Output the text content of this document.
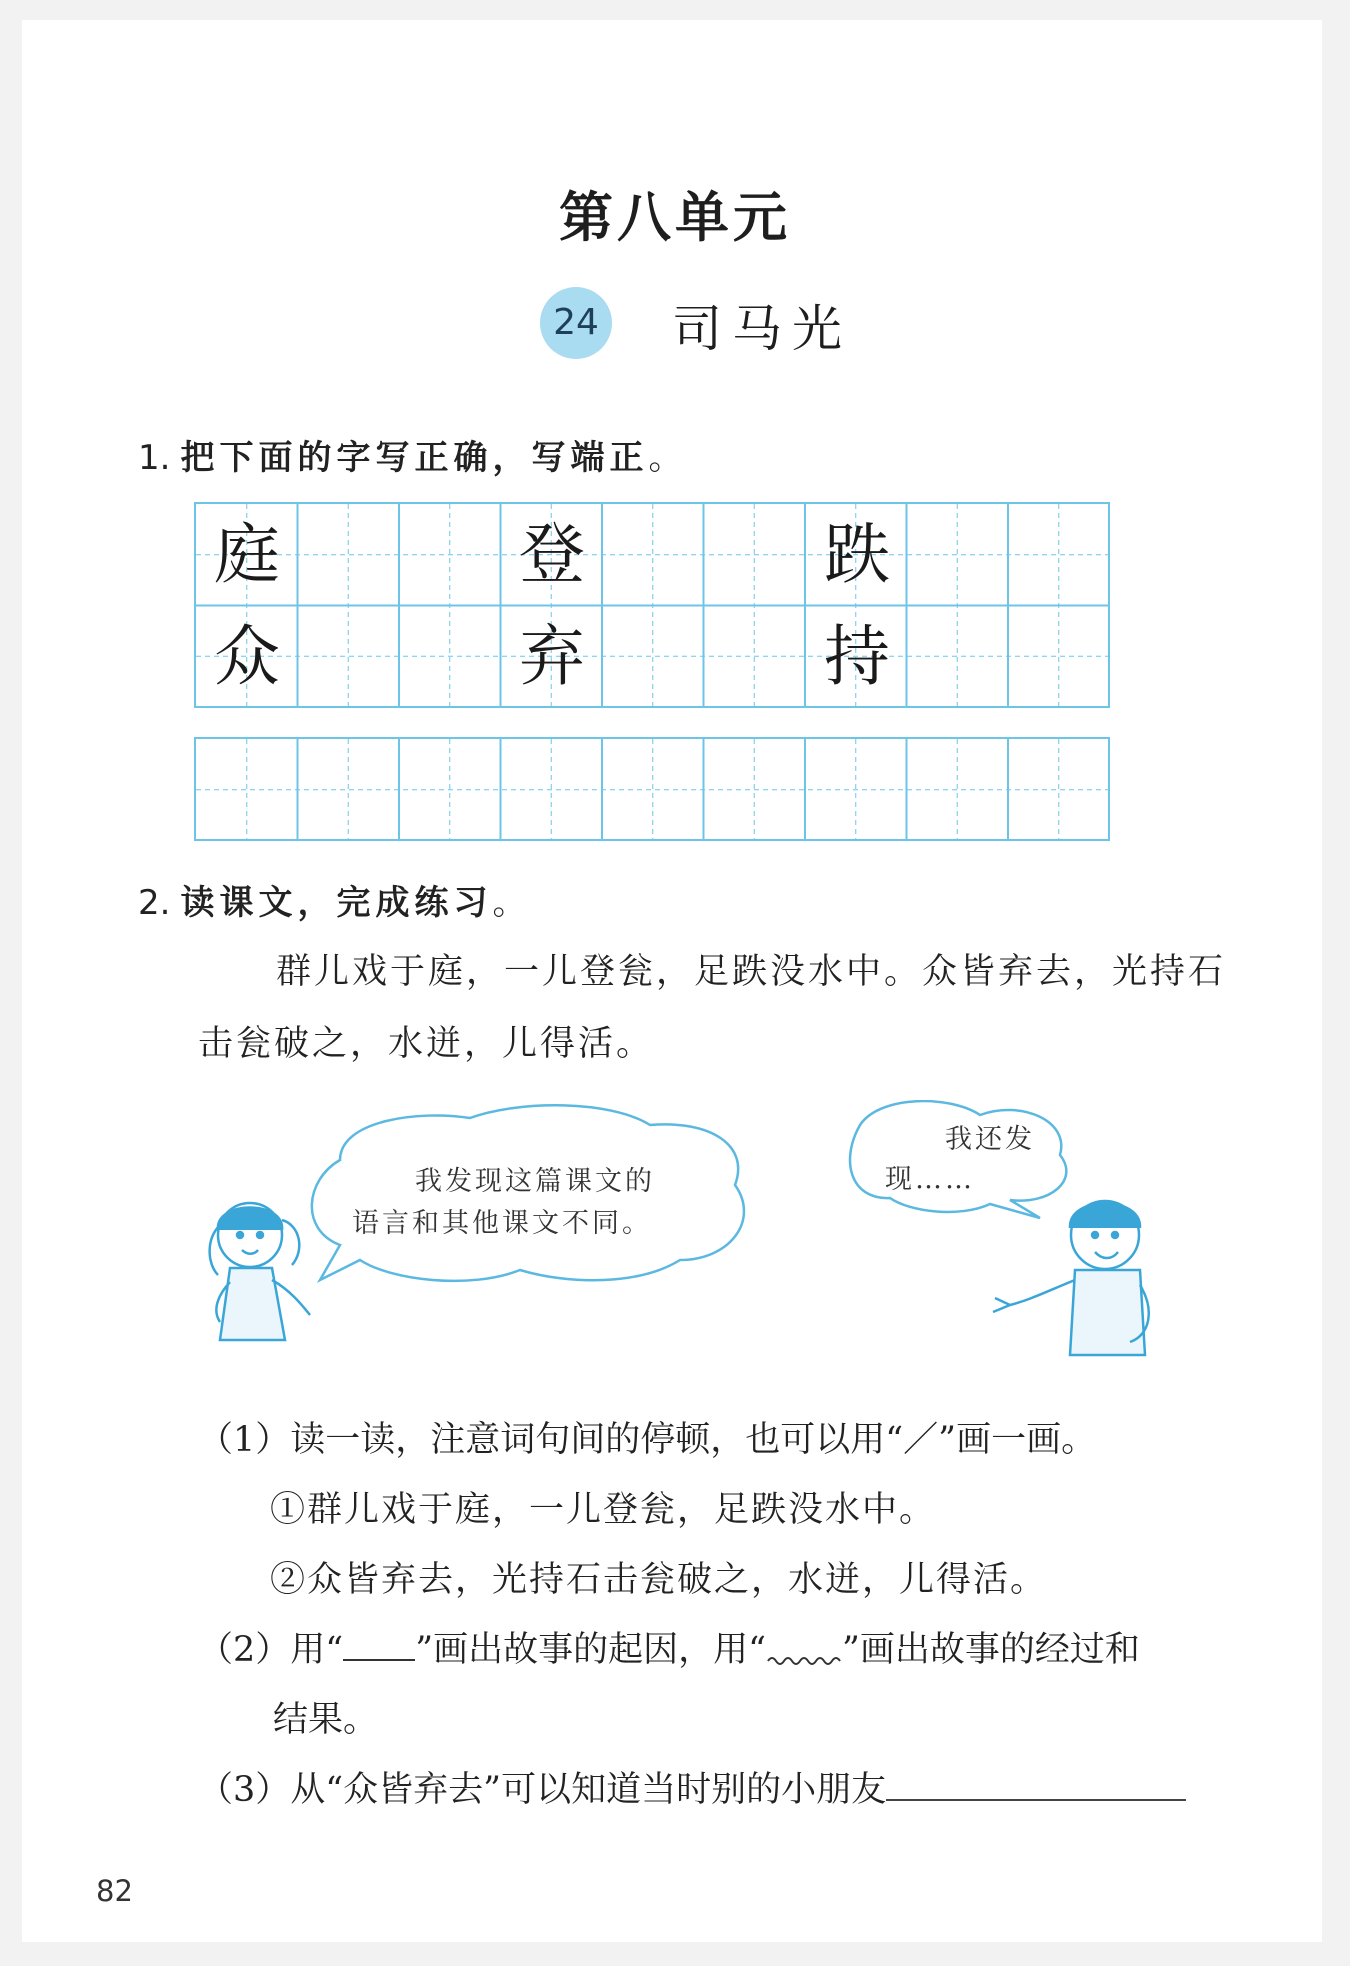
第八单元
24 司马光
1. 把下面的字写正确，写端正。
庭	登	跌
众	弃	持
2. 读课文，完成练习。
群儿戏于庭，一儿登瓮，足跌没水中。众皆弃去，光持石击瓮破之，水迸，儿得活。
我发现这篇课文的
语言和其他课文不同。
我还发
现……
（1）读一读，注意词句间的停顿，也可以用“／”画一画。
①群儿戏于庭，一儿登瓮，足跌没水中。
②众皆弃去，光持石击瓮破之，水迸，儿得活。
（2）用“ ”画出故事的起因，用“ ”画出故事的经过和
结果。
（3）从“众皆弃去”可以知道当时别的小朋友
82
